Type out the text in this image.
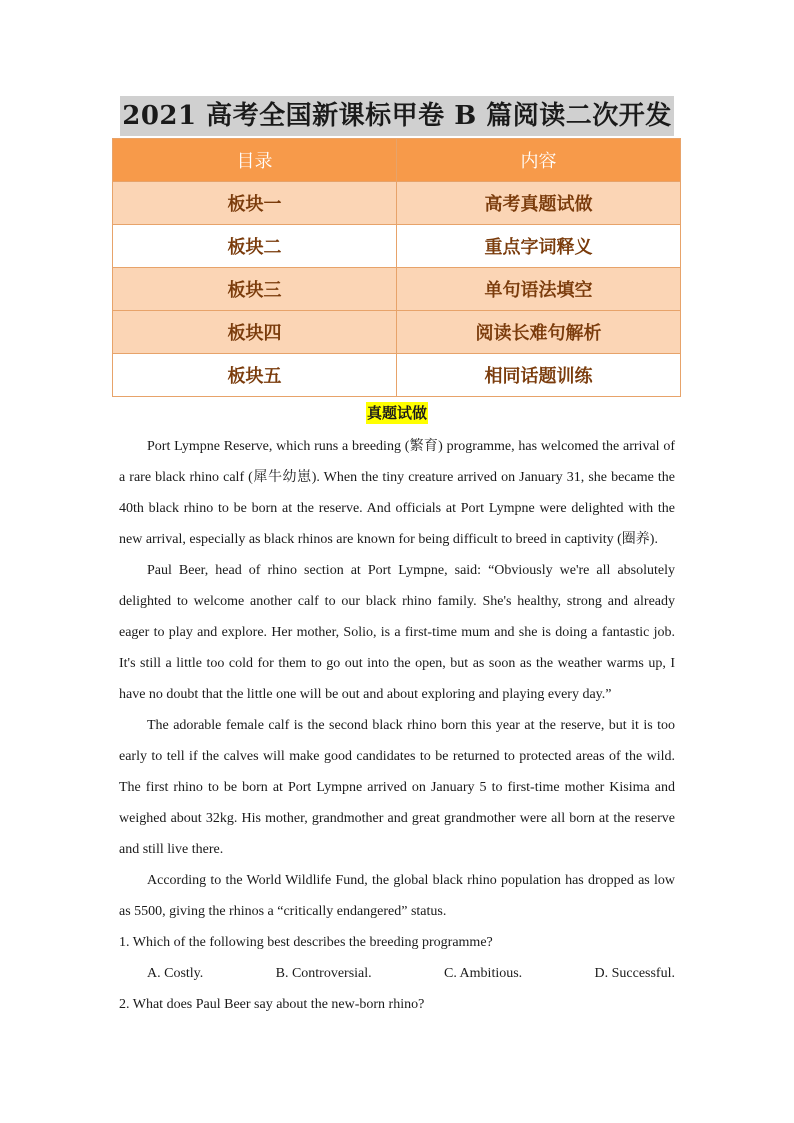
2021 高考全国新课标甲卷 B 篇阅读二次开发
目录	内容
板块一	高考真题试做
板块二	重点字词释义
板块三	单句语法填空
板块四	阅读长难句解析
板块五	相同话题训练
真题试做

Port Lympne Reserve, which runs a breeding (繁育) programme, has welcomed the arrival of a rare black rhino calf (犀牛幼崽). When the tiny creature arrived on January 31, she became the 40th black rhino to be born at the reserve. And officials at Port Lympne were delighted with the new arrival, especially as black rhinos are known for being difficult to breed in captivity (圈养).

Paul Beer, head of rhino section at Port Lympne, said: “Obviously we're all absolutely delighted to welcome another calf to our black rhino family. She's healthy, strong and already eager to play and explore. Her mother, Solio, is a first-time mum and she is doing a fantastic job. It's still a little too cold for them to go out into the open, but as soon as the weather warms up, I have no doubt that the little one will be out and about exploring and playing every day.”

The adorable female calf is the second black rhino born this year at the reserve, but it is too early to tell if the calves will make good candidates to be returned to protected areas of the wild. The first rhino to be born at Port Lympne arrived on January 5 to first-time mother Kisima and weighed about 32kg. His mother, grandmother and great grandmother were all born at the reserve and still live there.

According to the World Wildlife Fund, the global black rhino population has dropped as low as 5500, giving the rhinos a “critically endangered” status.

1. Which of the following best describes the breeding programme?
A. Costly.	B. Controversial.	C. Ambitious.	D. Successful.
2. What does Paul Beer say about the new-born rhino?
